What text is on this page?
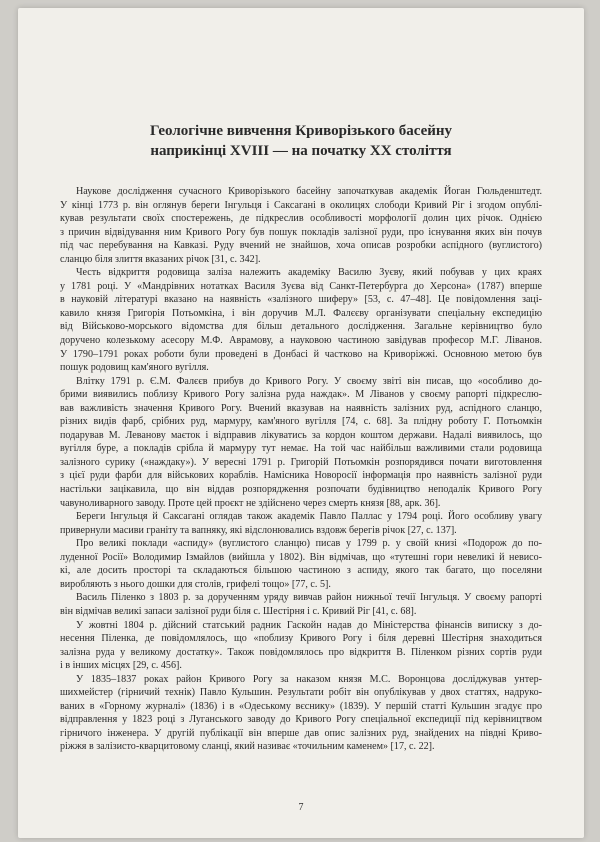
Геологічне вивчення Криворізького басейну
наприкінці XVIII — на початку XX століття

Наукове дослідження сучасного Криворізького басейну започаткував академік Йоган Гюльденштедт.
У кінці 1773 р. він оглянув береги Інгульця і Саксагані в околицях слободи Кривий Ріг і згодом опублі-
кував результати своїх спостережень, де підкреслив особливості морфології долин цих річок. Однією
з причин відвідування ним Кривого Рогу був пошук покладів залізної руди, про існування яких він почув
під час перебування на Кавказі. Руду вчений не знайшов, хоча описав розробки аспідного (вуглистого)
сланцю біля злиття вказаних річок [31, с. 342].

Честь відкриття родовища заліза належить академіку Василю Зуєву, який побував у цих краях
у 1781 році. У «Мандрівних нотатках Василя Зуєва від Санкт-Петербурга до Херсона» (1787) вперше
в науковій літературі вказано на наявність «залізного шиферу» [53, с. 47–48]. Це повідомлення заці-
кавило князя Григорія Потьомкіна, і він доручив М.Л. Фалєєву організувати спеціальну експедицію
від Військово-морського відомства для більш детального дослідження. Загальне керівництво було
доручено колезькому асесору М.Ф. Аврамову, а науковою частиною завідував професор М.Г. Лівaнов.
У 1790–1791 роках роботи були проведені в Донбасі й частково на Криворіжжі. Основною метою був
пошук родовищ кам'яного вугілля.

Влітку 1791 р. Є.М. Фалєєв прибув до Кривого Рогу. У своєму звіті він писав, що «особливо до-
брими виявились поблизу Кривого Рогу залізна руда наждак». М Лівaнов у своєму рапорті підкреслю-
вав важливість значення Кривого Рогу. Вчений вказував на наявність залізних руд, аспідного сланцю,
різних видів фарб, срібних руд, мармуру, кам'яного вугілля [74, с. 68]. За плідну роботу Г. Потьомкін
подарував М. Леванову маєток і відправив лікуватись за кордон коштом держави. Надалі виявилось, що
вугілля буре, а покладів срібла й мармуру тут немає. На той час найбільш важливими стали родовища
залізного сурику («наждаку»). У вересні 1791 р. Григорій Потьомкін розпорядився почати виготовлення
з цієї руди фарби для військових кораблів. Намісника Новоросії інформація про наявність залізної руди
настільки зацікавила, що він віддав розпорядження розпочати будівництво неподалік Кривого Рогу
чавуноливарного заводу. Проте цей проєкт не здійснено через смерть князя [88, арк. 36].

Береги Інгульця й Саксагані оглядав також академік Павло Паллас у 1794 році. Його особливу увагу
привернули масиви граніту та вапняку, які відслонювались вздовж берегів річок [27, с. 137].

Про великі поклади «аспиду» (вуглистого сланцю) писав у 1799 р. у своїй книзі «Подорож до по-
луденної Росії» Володимир Ізмайлов (вийшла у 1802). Він відмічав, що «тутешні гори невеликі й невисо-
кі, але досить просторі та складаються більшою частиною з аспиду, якого так багато, що поселяни
виробляють з нього дошки для столів, грифелі тощо» [77, с. 5].

Василь Піленко з 1803 р. за дорученням уряду вивчав район нижньої течії Інгульця. У своєму рапорті
він відмічав великі запаси залізної руди біля с. Шестірня і с. Кривий Ріг [41, с. 68].

У жовтні 1804 р. дійсний статський радник Гаскойн надав до Міністерства фінансів виписку з до-
несення Піленка, де повідомлялось, що «поблизу Кривого Рогу і біля деревні Шестірня знаходиться
залізна руда у великому достатку». Також повідомлялось про відкриття В. Піленком різних сортів руди
і в інших місцях [29, с. 456].

У 1835–1837 роках район Кривого Рогу за наказом князя М.С. Воронцова досліджував унтер-
шихмейстер (гірничий технік) Павло Кульшин. Результати робіт він опублікував у двох статтях, надруко-
ваних в «Горному журналі» (1836) і в «Одеському вєснику» (1839). У першій статті Кульшин згадує про
відправлення у 1823 році з Луганського заводу до Кривого Рогу спеціальної експедиції під керівництвом
гірничого інженера. У другій публікації він вперше дав опис залізних руд, знайдених на півдні Криво-
ріжжя в залізисто-кварцитовому сланці, який називає «точильним каменем» [17, с. 22].

7
